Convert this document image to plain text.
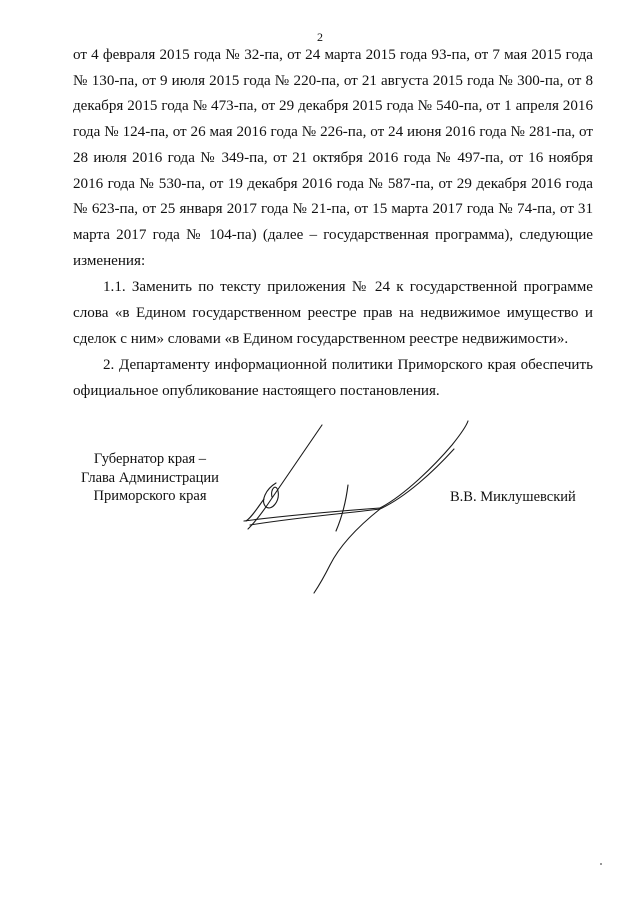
2

от 4 февраля 2015 года № 32-па, от 24 марта 2015 года 93-па, от 7 мая 2015 года № 130-па, от 9 июля 2015 года № 220-па, от 21 августа 2015 года № 300-па, от 8 декабря 2015 года № 473-па, от 29 декабря 2015 года № 540-па, от 1 апреля 2016 года № 124-па, от 26 мая 2016 года № 226-па, от 24 июня 2016 года № 281-па, от 28 июля 2016 года № 349-па, от 21 октября 2016 года № 497-па, от 16 ноября 2016 года № 530-па, от 19 декабря 2016 года № 587-па, от 29 декабря 2016 года № 623-па, от 25 января 2017 года № 21-па, от 15 марта 2017 года № 74-па, от 31 марта 2017 года № 104-па) (далее – государственная программа), следующие изменения:

1.1. Заменить по тексту приложения № 24 к государственной программе слова «в Едином государственном реестре прав на недвижимое имущество и сделок с ним» словами «в Едином государственном реестре недвижимости».

2. Департаменту информационной политики Приморского края обеспечить официальное опубликование настоящего постановления.

Губернатор края –
Глава Администрации
Приморского края	В.В. Миклушевский
